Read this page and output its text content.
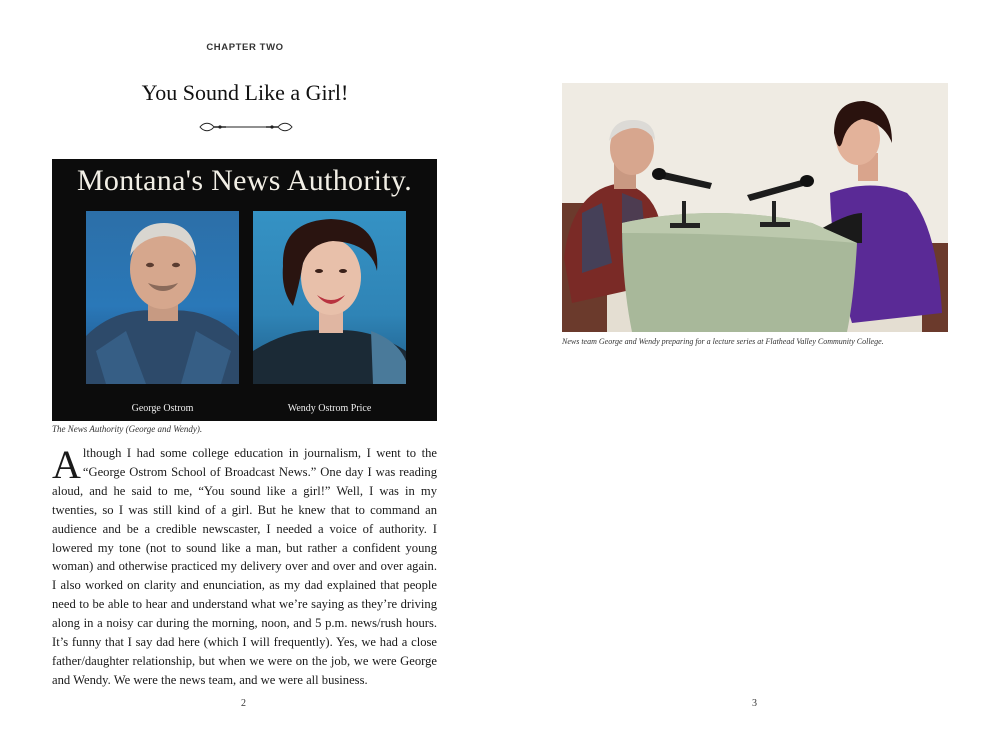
CHAPTER TWO
You Sound Like a Girl!
Montana's News Authority.
George Ostrom	Wendy Ostrom Price
The News Authority (George and Wendy).
Although I had some college education in journalism, I went to the “George Ostrom School of Broadcast News.” One day I was reading aloud, and he said to me, “You sound like a girl!” Well, I was in my twenties, so I was still kind of a girl. But he knew that to command an audience and be a credible newscaster, I needed a voice of authority. I lowered my tone (not to sound like a man, but rather a confident young woman) and otherwise practiced my delivery over and over and over again. I also worked on clarity and enunciation, as my dad explained that people need to be able to hear and understand what we’re saying as they’re driving along in a noisy car during the morning, noon, and 5 p.m. news/rush hours. It’s funny that I say dad here (which I will frequently). Yes, we had a close father/daughter relationship, but when we were on the job, we were George and Wendy. We were the news team, and we were all business.
2
News team George and Wendy preparing for a lecture series at Flathead Valley Community College.
3
